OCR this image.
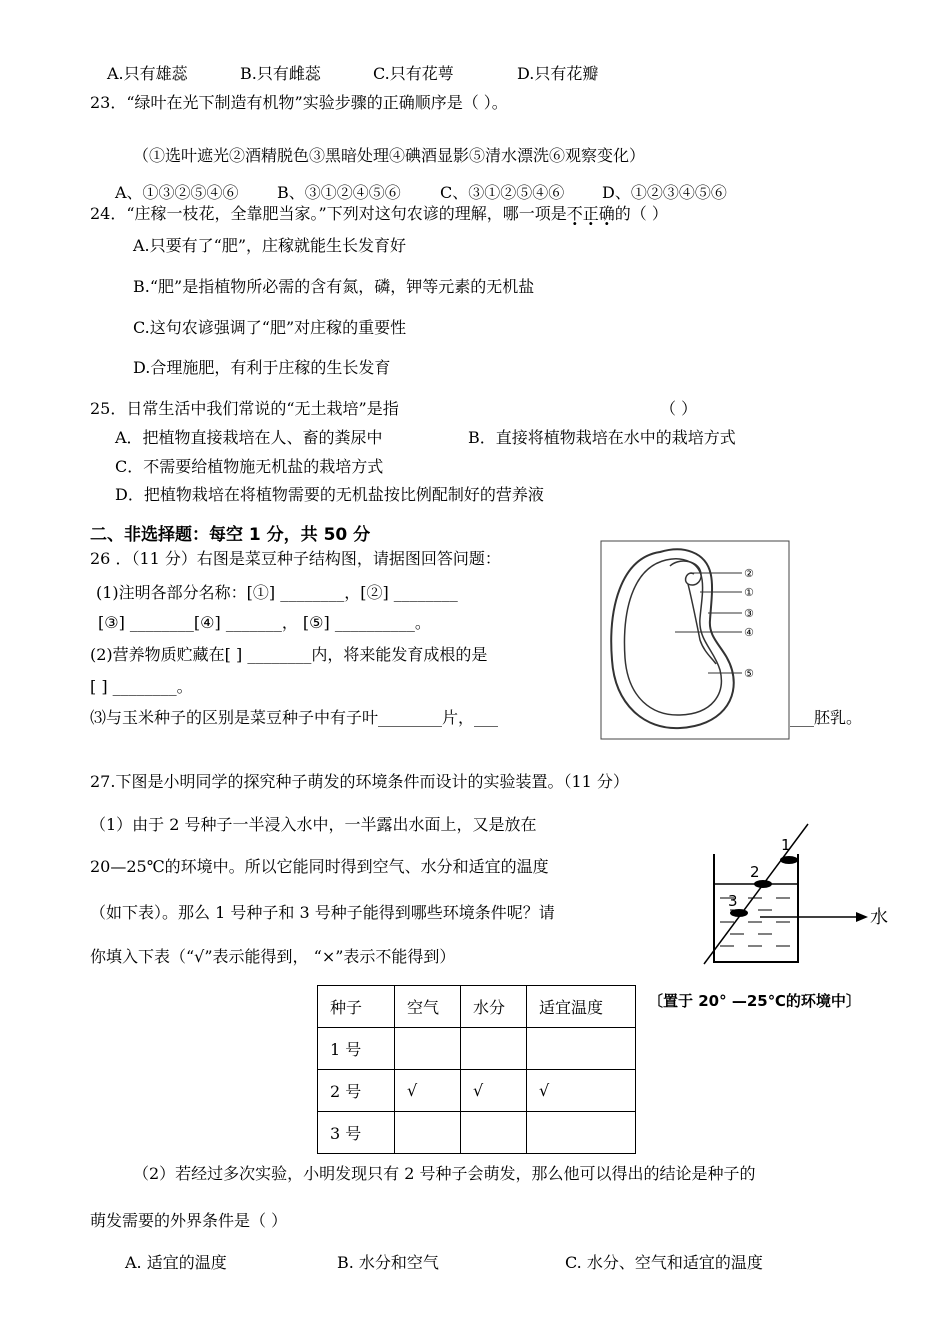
A.只有雄蕊	B.只有雌蕊	C.只有花萼	D.只有花瓣
23．“绿叶在光下制造有机物”实验步骤的正确顺序是（ ）。
（①选叶遮光②酒精脱色③黑暗处理④碘酒显影⑤清水漂洗⑥观察变化）
A、①③②⑤④⑥ B、③①②④⑤⑥ C、③①②⑤④⑥ D、①②③④⑤⑥
24．“庄稼一枝花，全靠肥当家。”下列对这句农谚的理解，哪一项是不正确的（ ）
A.只要有了“肥”，庄稼就能生长发育好
B.“肥”是指植物所必需的含有氮，磷，钾等元素的无机盐
C.这句农谚强调了“肥”对庄稼的重要性
D.合理施肥，有利于庄稼的生长发育
25．日常生活中我们常说的“无土栽培”是指	（ ）
A．把植物直接栽培在人、畜的粪尿中	B．直接将植物栽培在水中的栽培方式
C．不需要给植物施无机盐的栽培方式
D．把植物栽培在将植物需要的无机盐按比例配制好的营养液
二、非选择题：每空 1 分，共 50 分
26 ．（11 分）右图是菜豆种子结构图，请据图回答问题：
(1)注明各部分名称：[①] ________，[②] ________
[③] ________[④] _______， [⑤] __________。
(2)营养物质贮藏在[ ] ________内，将来能发育成根的是
[ ] ________。
⑶与玉米种子的区别是菜豆种子中有子叶________片，___	___胚乳。
②
①
③
④
⑤
27.下图是小明同学的探究种子萌发的环境条件而设计的实验装置。（11 分）
（1）由于 2 号种子一半浸入水中，一半露出水面上，又是放在
20—25℃的环境中。所以它能同时得到空气、水分和适宜的温度
（如下表）。那么 1 号种子和 3 号种子能得到哪些环境条件呢？请
你填入下表（“√”表示能得到， “×”表示不能得到）
1
2
3
水
〔置于 20° —25℃的环境中〕
种子	空气	水分	适宜温度
1 号			
2 号	√	√	√
3 号			
（2）若经过多次实验，小明发现只有 2 号种子会萌发，那么他可以得出的结论是种子的
萌发需要的外界条件是（ ）
A. 适宜的温度	B. 水分和空气	C. 水分、空气和适宜的温度
